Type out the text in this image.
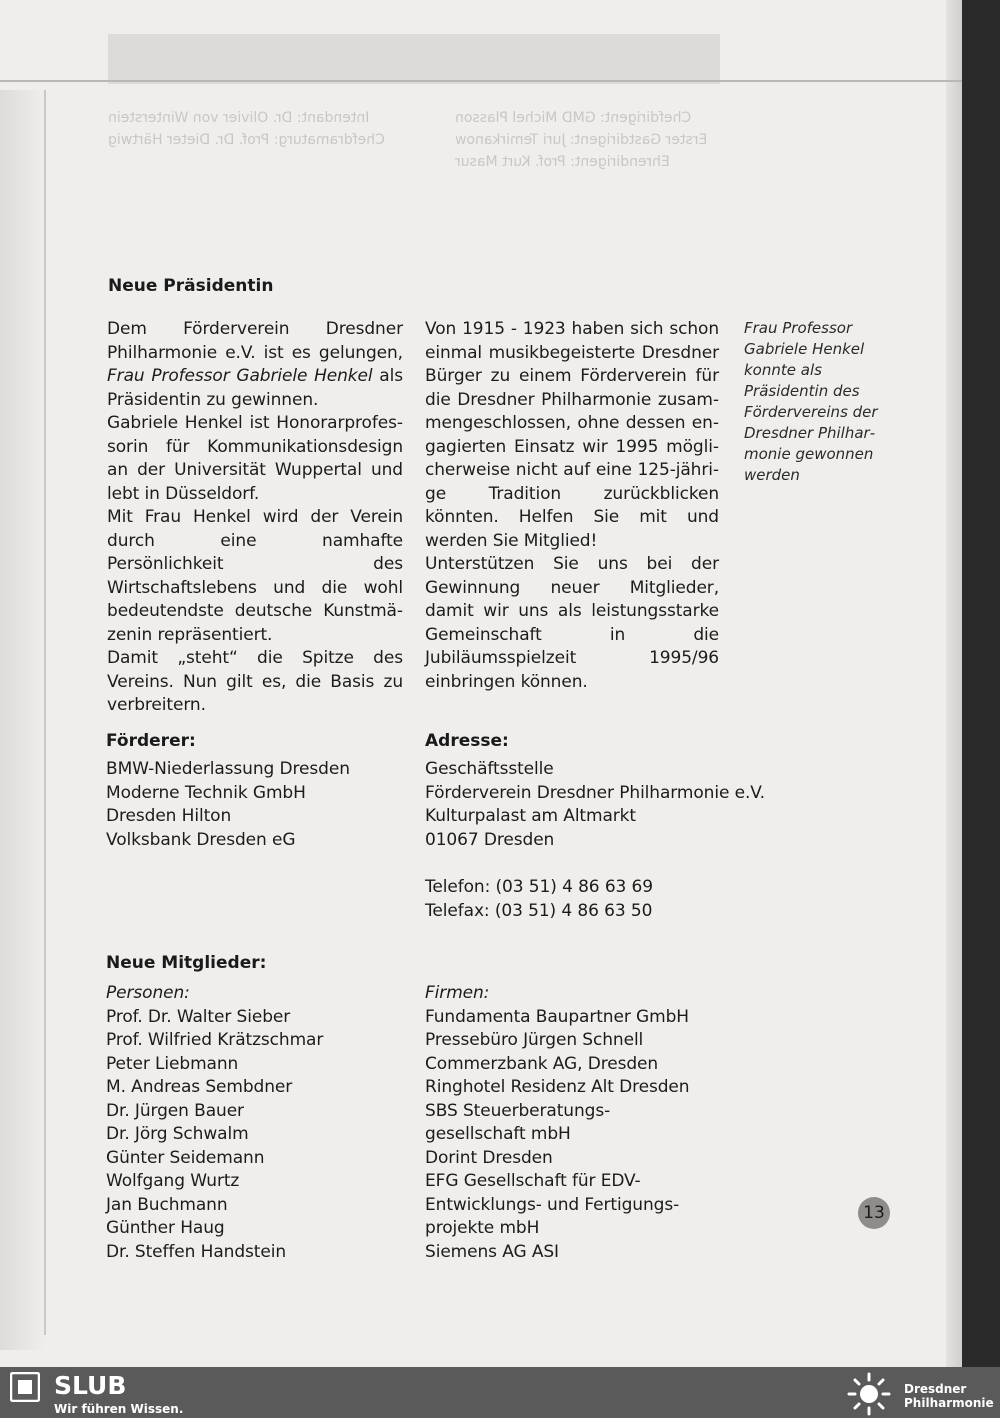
Chefdirigent: GMD Michel Plasson
Erster Gastdirigent: Juri Temirkanow
Ehrendirigent: Prof. Kurt Masur
Intendant: Dr. Olivier von Winterstein
Chefdramaturg: Prof. Dr. Dieter Härtwig
Neue Präsidentin

Dem Förderverein Dresdner Philharmonie e.V. ist es gelungen, Frau Professor Gabriele Henkel als Präsidentin zu gewinnen.

Gabriele Henkel ist Honorarprofessorin für Kommunikationsdesign an der Universität Wuppertal und lebt in Düsseldorf.

Mit Frau Henkel wird der Verein durch eine namhafte Persönlichkeit des Wirtschaftslebens und die wohl bedeutendste deutsche Kunstmäzenin repräsentiert.

Damit „steht“ die Spitze des Vereins. Nun gilt es, die Basis zu verbreitern.

Von 1915 - 1923 haben sich schon einmal musikbegeisterte Dresdner Bürger zu einem Förderverein für die Dresdner Philharmonie zusammengeschlossen, ohne dessen engagierten Einsatz wir 1995 möglicherweise nicht auf eine 125-jährige Tradition zurückblicken könnten. Helfen Sie mit und werden Sie Mitglied!

Unterstützen Sie uns bei der Gewinnung neuer Mitglieder, damit wir uns als leistungsstarke Gemeinschaft in die Jubiläumsspielzeit 1995/96 einbringen können.

Frau Professor Gabriele Henkel konnte als Präsidentin des Fördervereins der Dresdner Philharmonie gewonnen werden
Förderer:
BMW-Niederlassung Dresden
Moderne Technik GmbH
Dresden Hilton
Volksbank Dresden eG
Adresse:
Geschäftsstelle
Förderverein Dresdner Philharmonie e.V.
Kulturpalast am Altmarkt
01067 Dresden
Telefon: (03 51) 4 86 63 69
Telefax: (03 51) 4 86 63 50
Neue Mitglieder:
Personen:
Prof. Dr. Walter Sieber
Prof. Wilfried Krätzschmar
Peter Liebmann
M. Andreas Sembdner
Dr. Jürgen Bauer
Dr. Jörg Schwalm
Günter Seidemann
Wolfgang Wurtz
Jan Buchmann
Günther Haug
Dr. Steffen Handstein
Firmen:
Fundamenta Baupartner GmbH
Pressebüro Jürgen Schnell
Commerzbank AG, Dresden
Ringhotel Residenz Alt Dresden
SBS Steuerberatungs-
gesellschaft mbH
Dorint Dresden
EFG Gesellschaft für EDV-
Entwicklungs- und Fertigungs-
projekte mbH
Siemens AG ASI
13
SLUB
Wir führen Wissen.
Dresdner
Philharmonie
